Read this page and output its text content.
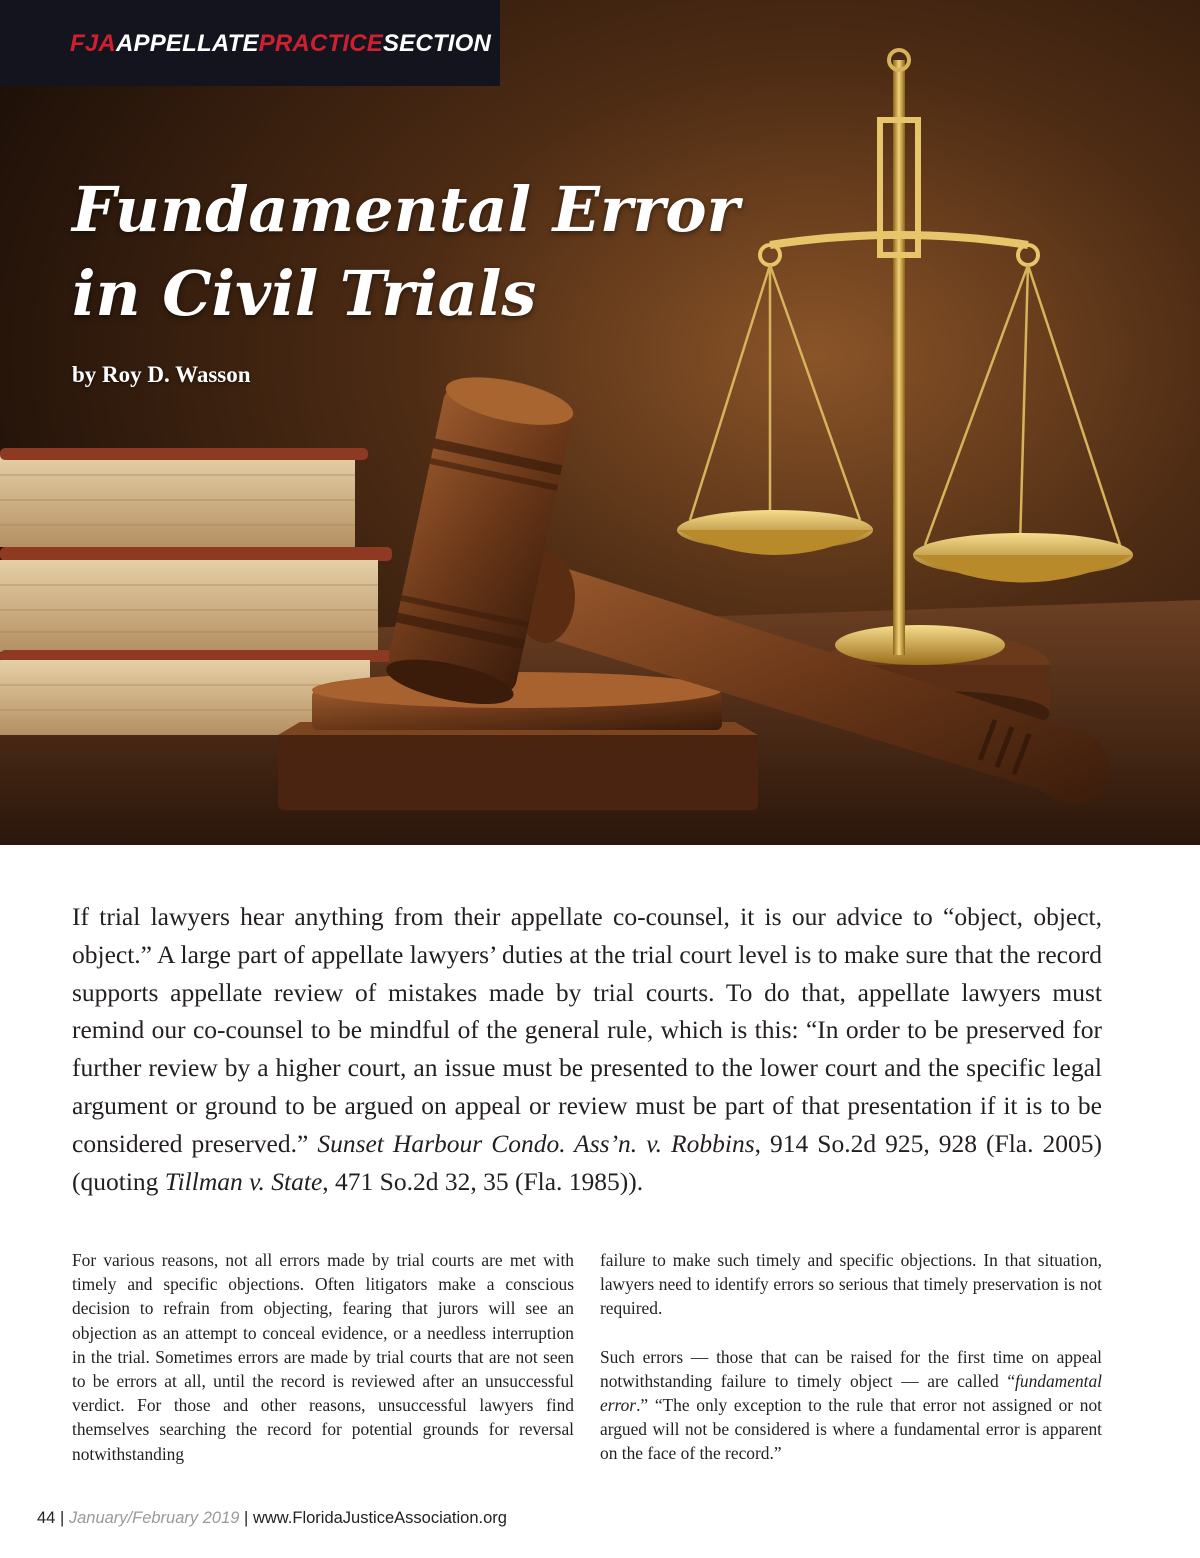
FJAAPPELLATEPRACTICESECTION
Fundamental Error
in Civil Trials
by Roy D. Wasson

If trial lawyers hear anything from their appellate co-counsel, it is our advice to “object, object, object.” A large part of appellate lawyers’ duties at the trial court level is to make sure that the record supports appellate review of mistakes made by trial courts. To do that, appellate lawyers must remind our co-counsel to be mindful of the general rule, which is this: “In order to be preserved for further review by a higher court, an issue must be presented to the lower court and the specific legal argument or ground to be argued on appeal or review must be part of that presentation if it is to be considered preserved.” Sunset Harbour Condo. Ass’n. v. Robbins, 914 So.2d 925, 928 (Fla. 2005) (quoting Tillman v. State, 471 So.2d 32, 35 (Fla. 1985)).

For various reasons, not all errors made by trial courts are met with timely and specific objections. Often litigators make a conscious decision to refrain from objecting, fearing that jurors will see an objection as an attempt to conceal evidence, or a needless interruption in the trial. Sometimes errors are made by trial courts that are not seen to be errors at all, until the record is reviewed after an unsuccessful verdict. For those and other reasons, unsuccessful lawyers find themselves searching the record for potential grounds for reversal notwithstanding

failure to make such timely and specific objections. In that situation, lawyers need to identify errors so serious that timely preservation is not required.

Such errors — those that can be raised for the first time on appeal notwithstanding failure to timely object — are called “fundamental error.” “The only exception to the rule that error not assigned or not argued will not be considered is where a fundamental error is apparent on the face of the record.”

44 | January/February 2019 | www.FloridaJusticeAssociation.org
